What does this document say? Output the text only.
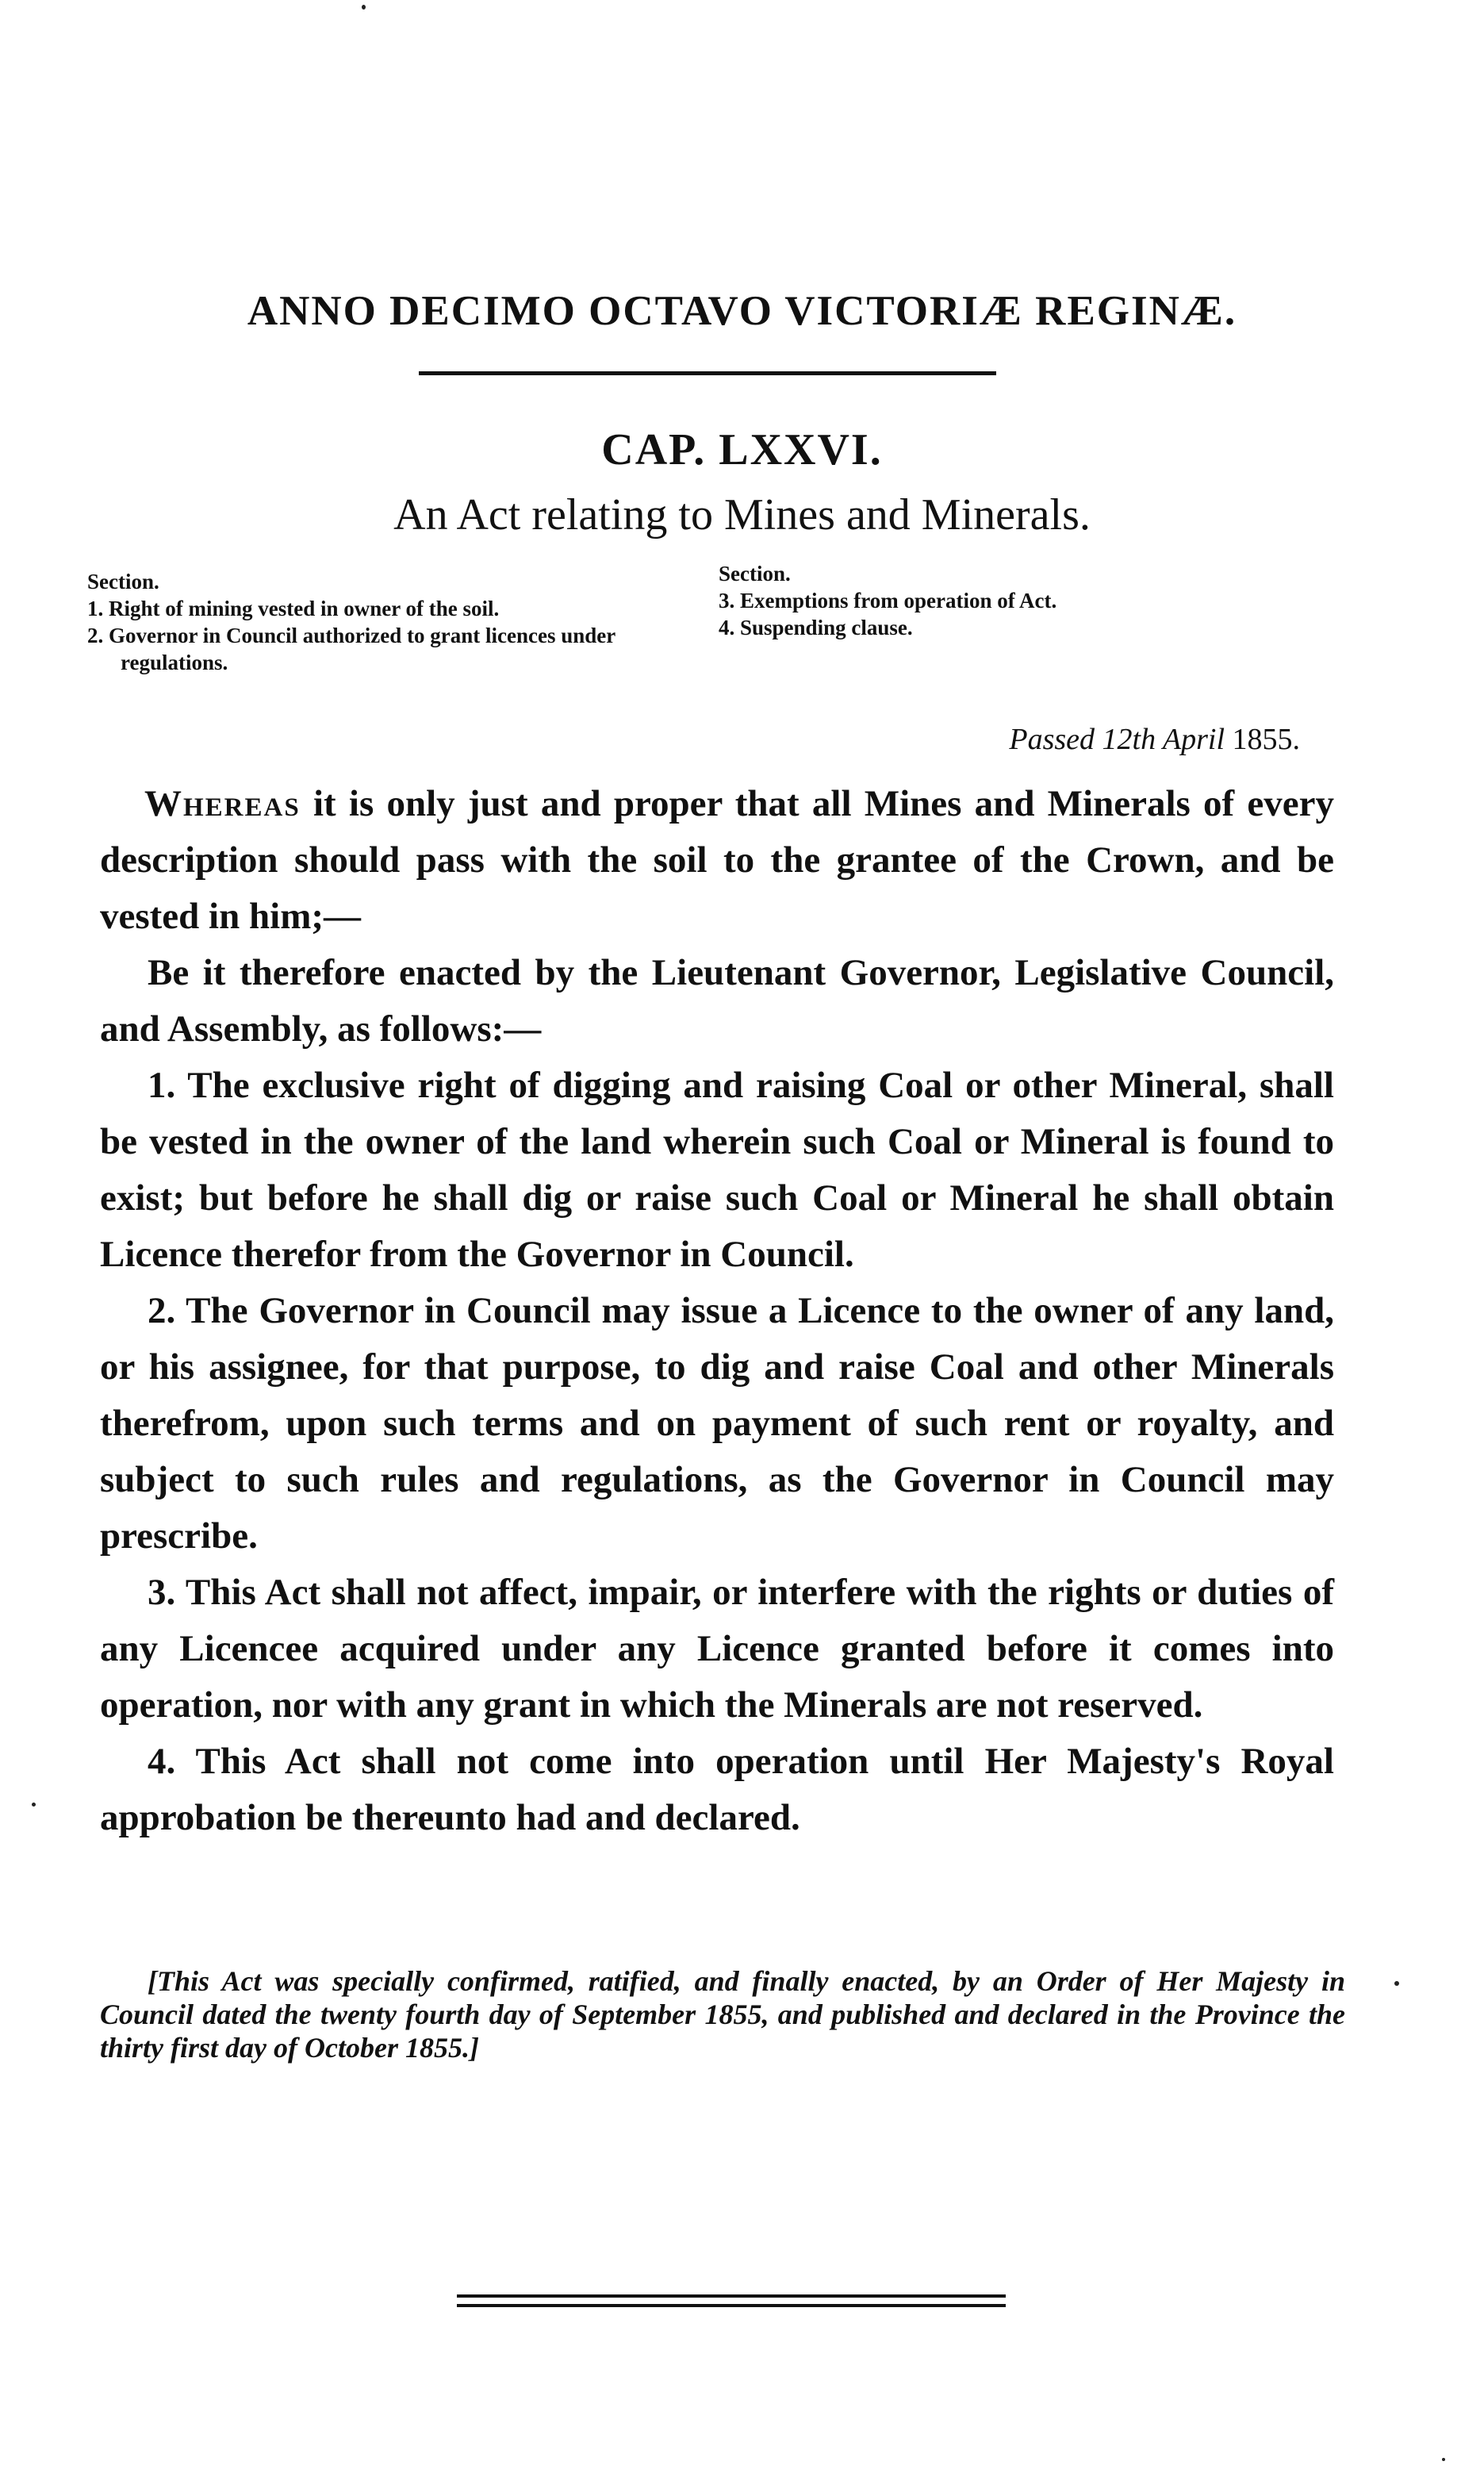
ANNO DECIMO OCTAVO VICTORIÆ REGINÆ.
CAP. LXXVI.
An Act relating to Mines and Minerals.
Section.
1. Right of mining vested in owner of the soil.
2. Governor in Council authorized to grant licences under regulations.
Section.
3. Exemptions from operation of Act.
4. Suspending clause.
Passed 12th April 1855.

Whereas it is only just and proper that all Mines and Minerals of every description should pass with the soil to the grantee of the Crown, and be vested in him;—

Be it therefore enacted by the Lieutenant Governor, Legislative Council, and Assembly, as follows:—

1. The exclusive right of digging and raising Coal or other Mineral, shall be vested in the owner of the land wherein such Coal or Mineral is found to exist; but before he shall dig or raise such Coal or Mineral he shall obtain Licence therefor from the Governor in Council.

2. The Governor in Council may issue a Licence to the owner of any land, or his assignee, for that purpose, to dig and raise Coal and other Minerals therefrom, upon such terms and on payment of such rent or royalty, and subject to such rules and regulations, as the Governor in Council may prescribe.

3. This Act shall not affect, impair, or interfere with the rights or duties of any Licencee acquired under any Licence granted before it comes into operation, nor with any grant in which the Minerals are not reserved.

4. This Act shall not come into operation until Her Majesty's Royal approbation be thereunto had and declared.

[This Act was specially confirmed, ratified, and finally enacted, by an Order of Her Majesty in Council dated the twenty fourth day of September 1855, and published and declared in the Province the thirty first day of October 1855.]
